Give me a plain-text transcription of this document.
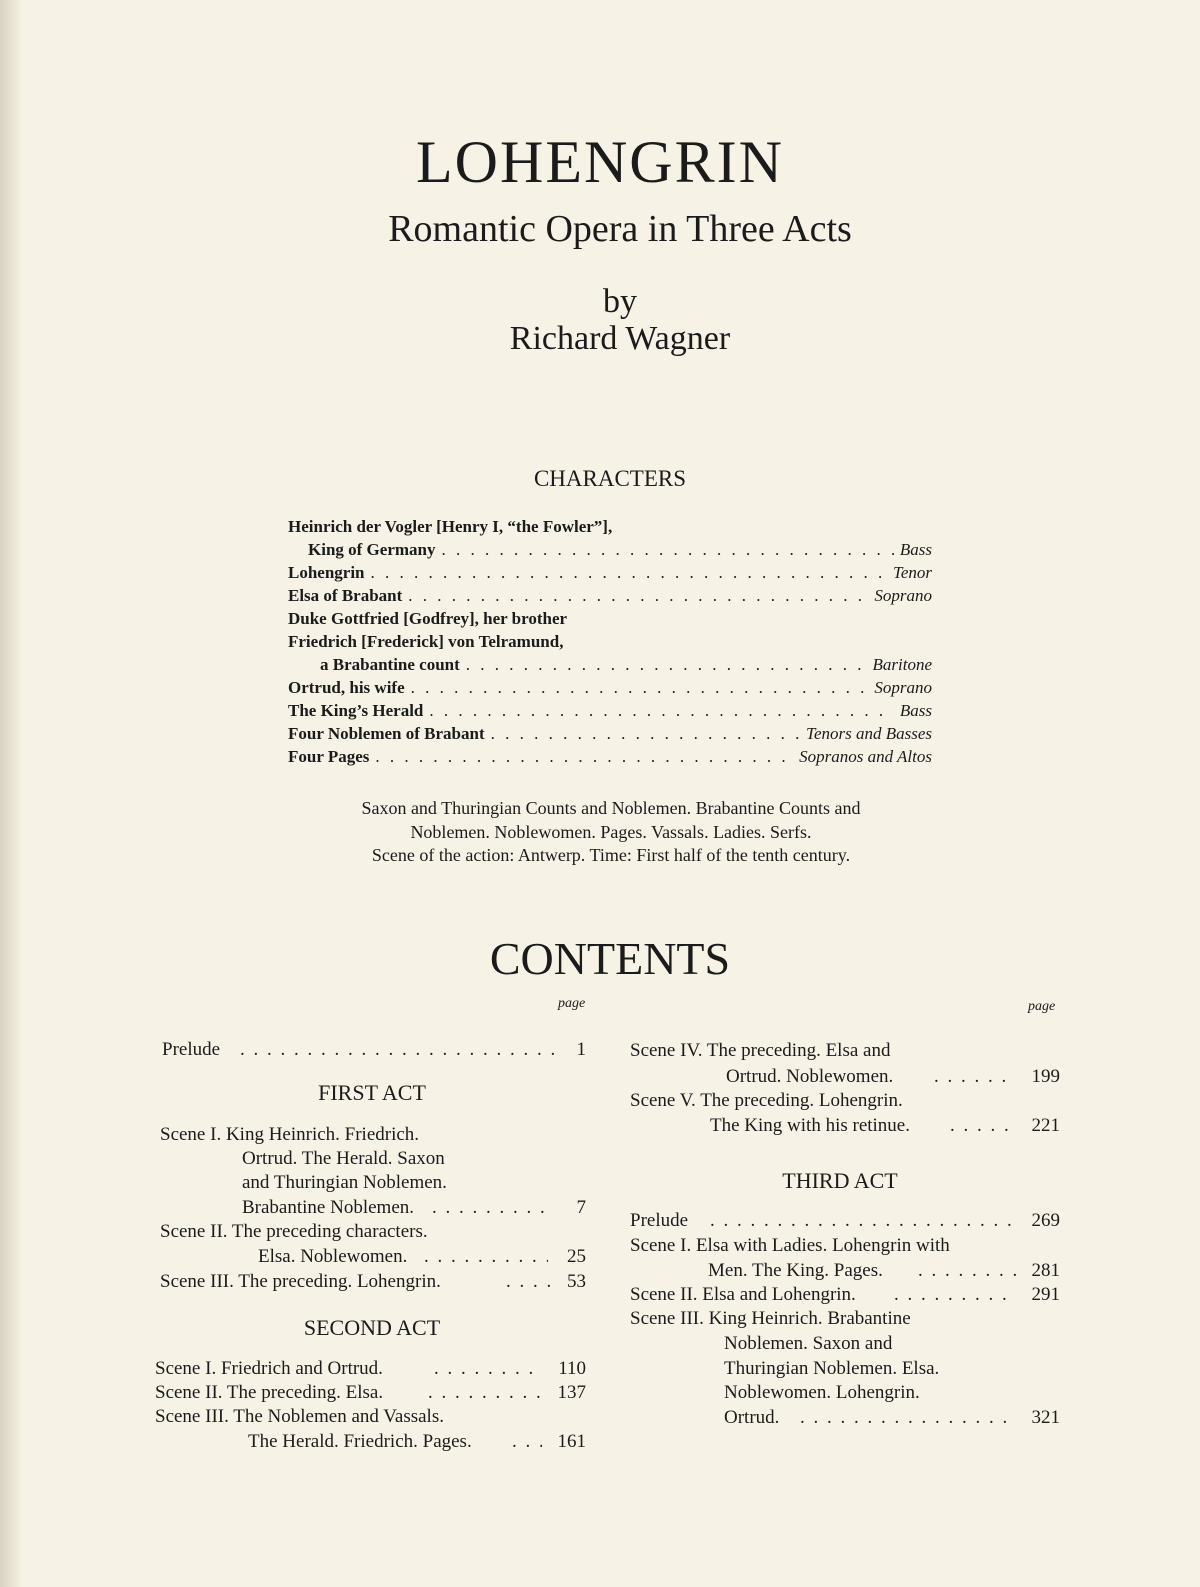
LOHENGRIN
Romantic Opera in Three Acts
by
Richard Wagner
CHARACTERS
Heinrich der Vogler [Henry I, “the Fowler”],
King of Germany . . .	Bass
Lohengrin . . .	Tenor
Elsa of Brabant . . .	Soprano
Duke Gottfried [Godfrey], her brother
Friedrich [Frederick] von Telramund,
a Brabantine count . . .	Baritone
Ortrud, his wife . . .	Soprano
The King’s Herald . . .	Bass
Four Noblemen of Brabant . . .	Tenors and Basses
Four Pages . . .	Sopranos and Altos
Saxon and Thuringian Counts and Noblemen. Brabantine Counts and
Noblemen. Noblewomen. Pages. Vassals. Ladies. Serfs.
Scene of the action: Antwerp. Time: First half of the tenth century.
CONTENTS
page	page
Prelude . . .	1
FIRST ACT
Scene I. King Heinrich. Friedrich.
Ortrud. The Herald. Saxon
and Thuringian Noblemen.
Brabantine Noblemen. . . .	7
Scene II. The preceding characters.
Elsa. Noblewomen. . . .	25
Scene III. The preceding. Lohengrin. . . .	53
SECOND ACT
Scene I. Friedrich and Ortrud. . . .	110
Scene II. The preceding. Elsa. . . .	137
Scene III. The Noblemen and Vassals.
The Herald. Friedrich. Pages. . . .	161
Scene IV. The preceding. Elsa and
Ortrud. Noblewomen. . . .	199
Scene V. The preceding. Lohengrin.
The King with his retinue. . . .	221
THIRD ACT
Prelude . . .	269
Scene I. Elsa with Ladies. Lohengrin with
Men. The King. Pages. . . .	281
Scene II. Elsa and Lohengrin. . . .	291
Scene III. King Heinrich. Brabantine
Noblemen. Saxon and
Thuringian Noblemen. Elsa.
Noblewomen. Lohengrin.
Ortrud. . . .	321
